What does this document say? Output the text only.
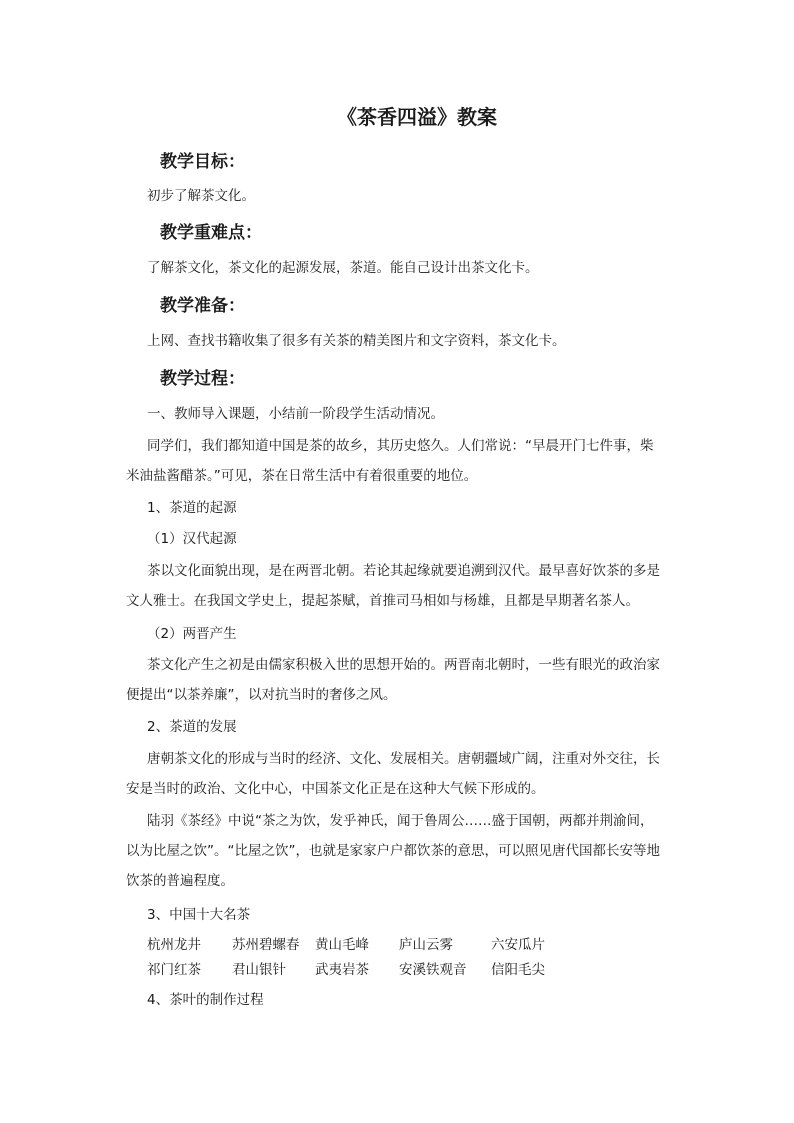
《茶香四溢》教案
教学目标：
初步了解茶文化。
教学重难点：
了解茶文化，茶文化的起源发展，茶道。能自己设计出茶文化卡。
教学准备：
上网、查找书籍收集了很多有关茶的精美图片和文字资料，茶文化卡。
教学过程：
一、教师导入课题，小结前一阶段学生活动情况。
同学们，我们都知道中国是茶的故乡，其历史悠久。人们常说：“早晨开门七件事，柴
米油盐酱醋茶。”可见，茶在日常生活中有着很重要的地位。
1、茶道的起源
（1）汉代起源
茶以文化面貌出现，是在两晋北朝。若论其起缘就要追溯到汉代。最早喜好饮茶的多是
文人雅士。在我国文学史上，提起茶赋，首推司马相如与杨雄，且都是早期著名茶人。
（2）两晋产生
茶文化产生之初是由儒家积极入世的思想开始的。两晋南北朝时，一些有眼光的政治家
便提出“以茶养廉”，以对抗当时的奢侈之风。
2、茶道的发展
唐朝茶文化的形成与当时的经济、文化、发展相关。唐朝疆域广阔，注重对外交往，长
安是当时的政治、文化中心，中国茶文化正是在这种大气候下形成的。
陆羽《茶经》中说“茶之为饮，发乎神氏，闻于鲁周公……盛于国朝，两都并荆渝间，
以为比屋之饮”。“比屋之饮”，也就是家家户户都饮茶的意思，可以照见唐代国都长安等地
饮茶的普遍程度。
3、中国十大名茶
杭州龙井 苏州碧螺春 黄山毛峰 庐山云雾	六安瓜片
祁门红茶 君山银针 武夷岩茶 安溪铁观音 信阳毛尖
4、茶叶的制作过程
